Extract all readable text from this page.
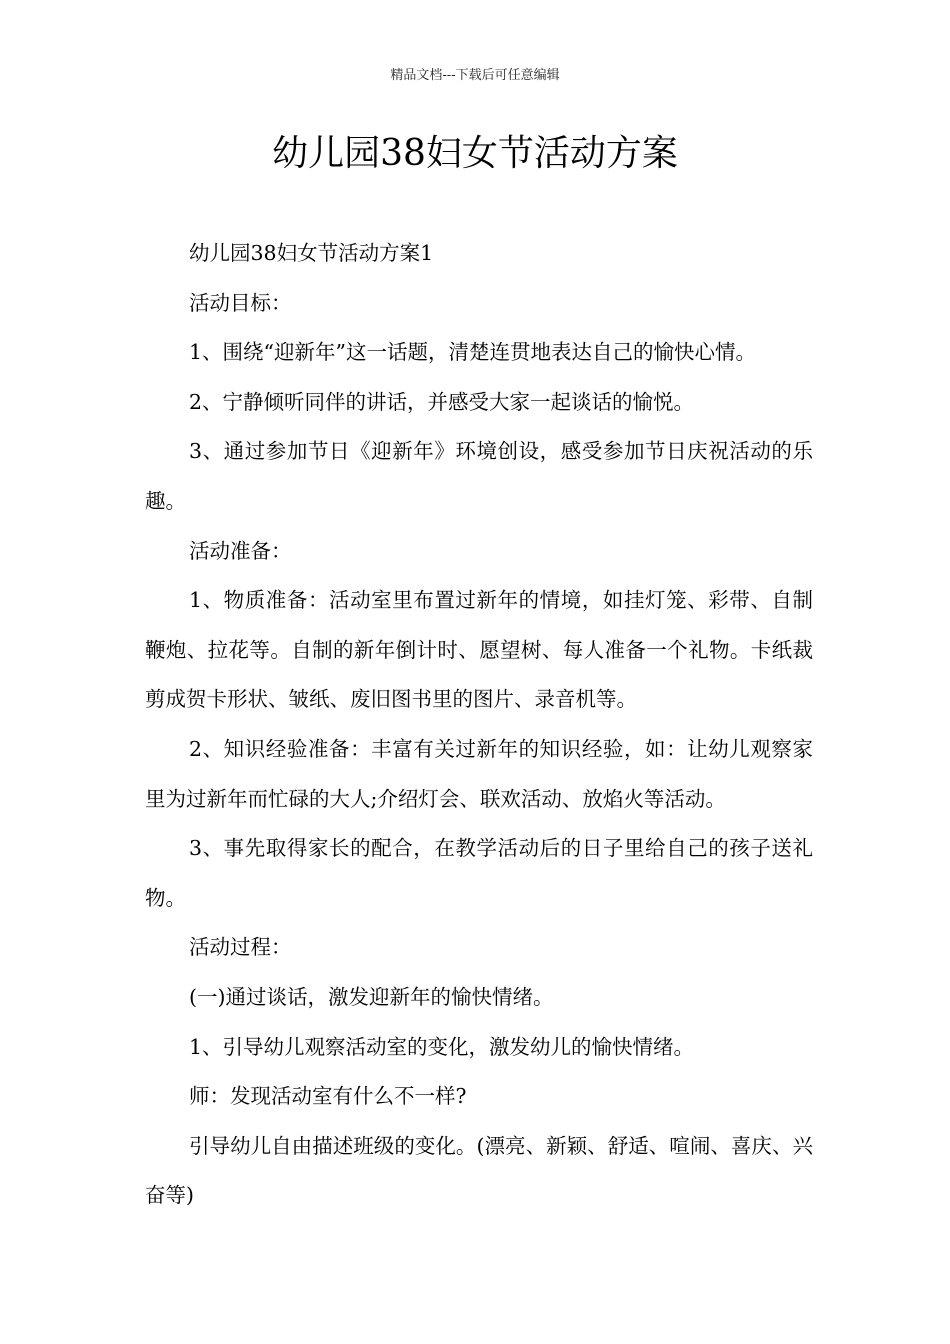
精品文档---下载后可任意编辑
幼儿园38妇女节活动方案

幼儿园38妇女节活动方案1

活动目标：

1、围绕“迎新年”这一话题，清楚连贯地表达自己的愉快心情。

2、宁静倾听同伴的讲话，并感受大家一起谈话的愉悦。

3、通过参加节日《迎新年》环境创设，感受参加节日庆祝活动的乐趣。

活动准备：

1、物质准备：活动室里布置过新年的情境，如挂灯笼、彩带、自制鞭炮、拉花等。自制的新年倒计时、愿望树、每人准备一个礼物。卡纸裁剪成贺卡形状、皱纸、废旧图书里的图片、录音机等。

2、知识经验准备：丰富有关过新年的知识经验，如：让幼儿观察家里为过新年而忙碌的大人;介绍灯会、联欢活动、放焰火等活动。

3、事先取得家长的配合，在教学活动后的日子里给自己的孩子送礼物。

活动过程：

(一)通过谈话，激发迎新年的愉快情绪。

1、引导幼儿观察活动室的变化，激发幼儿的愉快情绪。

师：发现活动室有什么不一样?

引导幼儿自由描述班级的变化。(漂亮、新颖、舒适、喧闹、喜庆、兴奋等)
